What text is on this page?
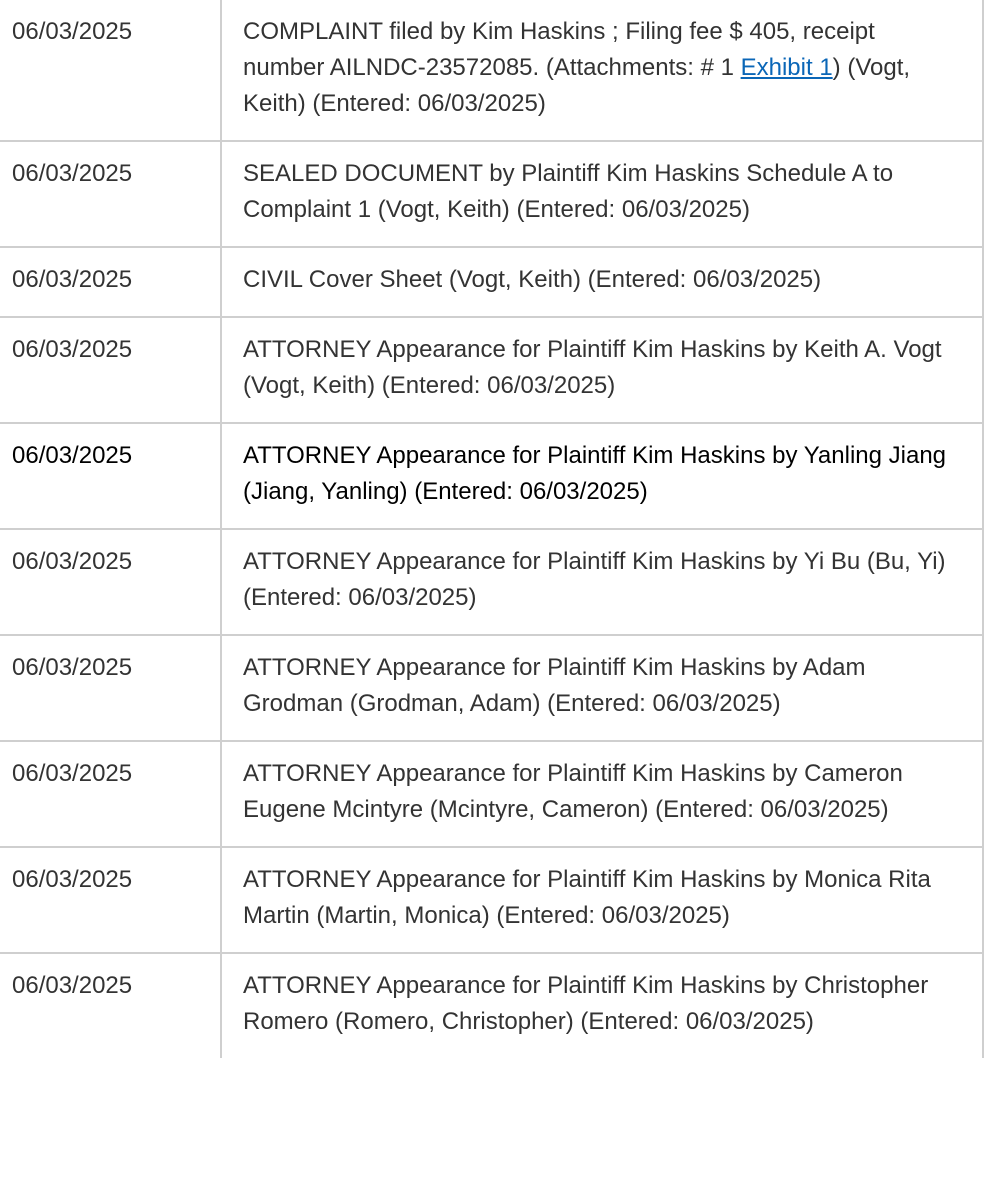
06/03/2025	COMPLAINT filed by Kim Haskins ; Filing fee $ 405, receipt number AILNDC-23572085. (Attachments: # 1 Exhibit 1) (Vogt, Keith) (Entered: 06/03/2025)
06/03/2025	SEALED DOCUMENT by Plaintiff Kim Haskins Schedule A to Complaint 1 (Vogt, Keith) (Entered: 06/03/2025)
06/03/2025	CIVIL Cover Sheet (Vogt, Keith) (Entered: 06/03/2025)
06/03/2025	ATTORNEY Appearance for Plaintiff Kim Haskins by Keith A. Vogt (Vogt, Keith) (Entered: 06/03/2025)
06/03/2025	ATTORNEY Appearance for Plaintiff Kim Haskins by Yanling Jiang (Jiang, Yanling) (Entered: 06/03/2025)
06/03/2025	ATTORNEY Appearance for Plaintiff Kim Haskins by Yi Bu (Bu, Yi) (Entered: 06/03/2025)
06/03/2025	ATTORNEY Appearance for Plaintiff Kim Haskins by Adam Grodman (Grodman, Adam) (Entered: 06/03/2025)
06/03/2025	ATTORNEY Appearance for Plaintiff Kim Haskins by Cameron Eugene Mcintyre (Mcintyre, Cameron) (Entered: 06/03/2025)
06/03/2025	ATTORNEY Appearance for Plaintiff Kim Haskins by Monica Rita Martin (Martin, Monica) (Entered: 06/03/2025)
06/03/2025	ATTORNEY Appearance for Plaintiff Kim Haskins by Christopher Romero (Romero, Christopher) (Entered: 06/03/2025)
